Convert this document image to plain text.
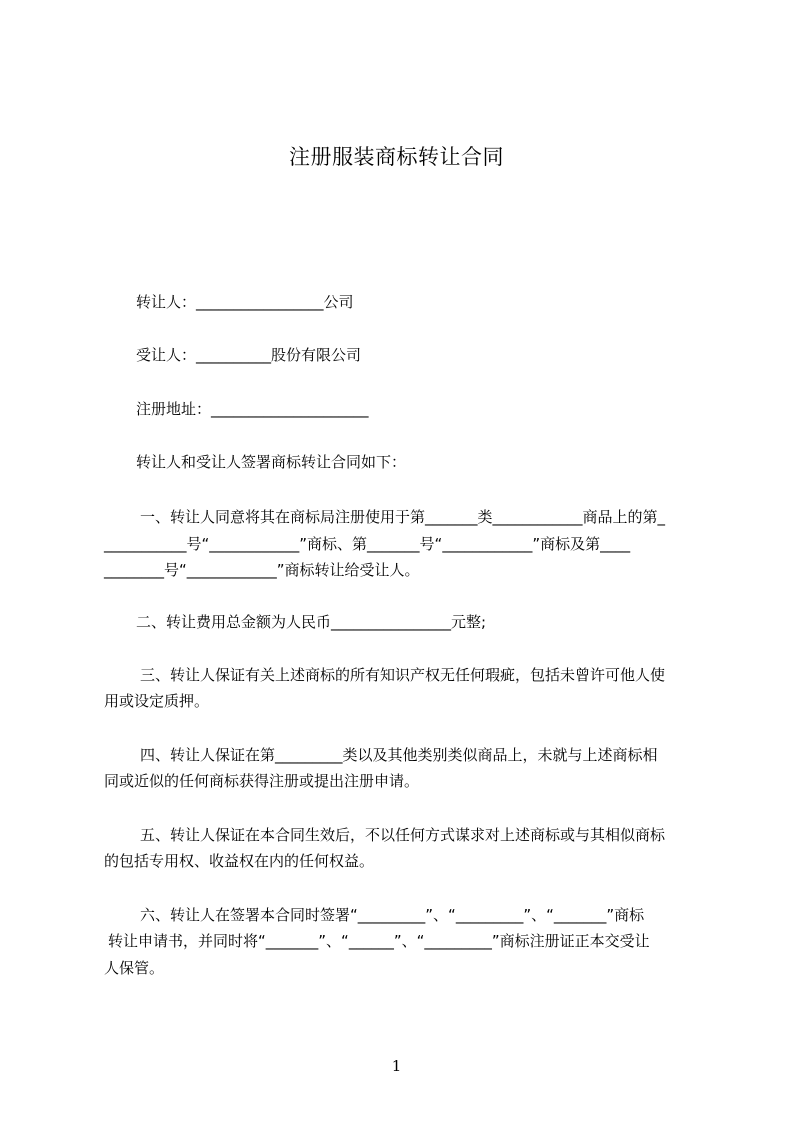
注册服装商标转让合同
转让人：_________________公司
受让人：__________股份有限公司
注册地址：_____________________
转让人和受让人签署商标转让合同如下：
一、转让人同意将其在商标局注册使用于第_______类____________商品上的第_
___________号“____________”商标、第_______号“____________”商标及第____
________号“____________”商标转让给受让人。
二、转让费用总金额为人民币________________元整;
三、转让人保证有关上述商标的所有知识产权无任何瑕疵，包括未曾许可他人使
用或设定质押。
四、转让人保证在第_________类以及其他类别类似商品上，未就与上述商标相
同或近似的任何商标获得注册或提出注册申请。
五、转让人保证在本合同生效后，不以任何方式谋求对上述商标或与其相似商标
的包括专用权、收益权在内的任何权益。
六、转让人在签署本合同时签署“_________”、“_________”、“_______”商标
转让申请书，并同时将“_______”、“______”、“_________”商标注册证正本交受让
人保管。
1
